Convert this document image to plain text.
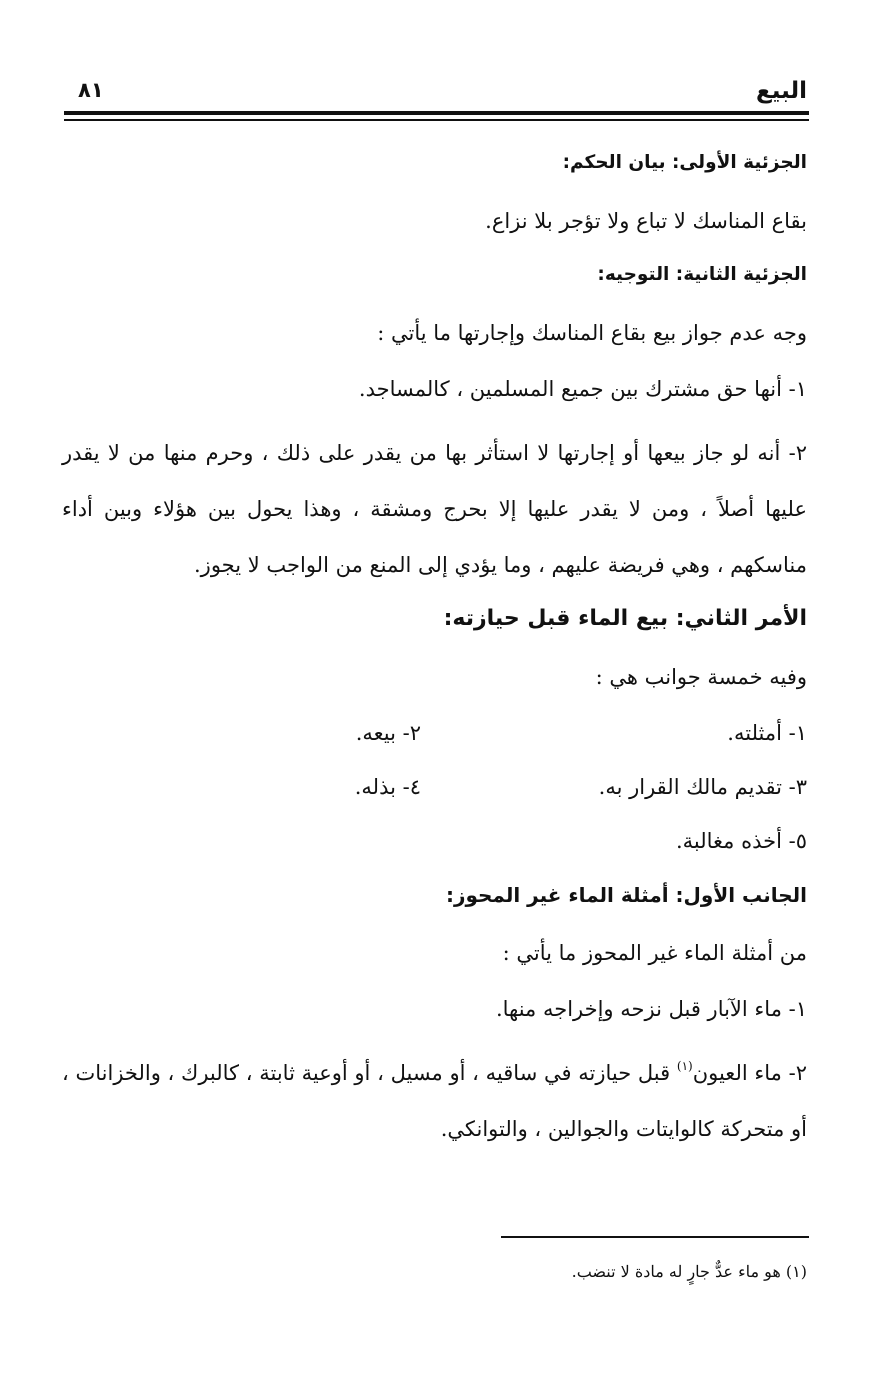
البيع
٨١

الجزئية الأولى: بيان الحكم:

بقاع المناسك لا تباع ولا تؤجر بلا نزاع.

الجزئية الثانية: التوجيه:

وجه عدم جواز بيع بقاع المناسك وإجارتها ما يأتي :

١- أنها حق مشترك بين جميع المسلمين ، كالمساجد.

٢- أنه لو جاز بيعها أو إجارتها لا استأثر بها من يقدر على ذلك ، وحرم منها من لا يقدر عليها أصلاً ، ومن لا يقدر عليها إلا بحرج ومشقة ، وهذا يحول بين هؤلاء وبين أداء مناسكهم ، وهي فريضة عليهم ، وما يؤدي إلى المنع من الواجب لا يجوز.

الأمر الثاني: بيع الماء قبل حيازته:

وفيه خمسة جوانب هي :

١- أمثلته.
٢- بيعه.
٣- تقديم مالك القرار به.
٤- بذله.

٥- أخذه مغالبة.

الجانب الأول: أمثلة الماء غير المحوز:

من أمثلة الماء غير المحوز ما يأتي :

١- ماء الآبار قبل نزحه وإخراجه منها.

٢- ماء العيون$^{(١)}$ قبل حيازته في ساقيه ، أو مسيل ، أو أوعية ثابتة ، كالبرك ، والخزانات ، أو متحركة كالوايتات والجوالين ، والتوانكي.

(١) هو ماء عدٌّ جارٍ له مادة لا تنضب.
